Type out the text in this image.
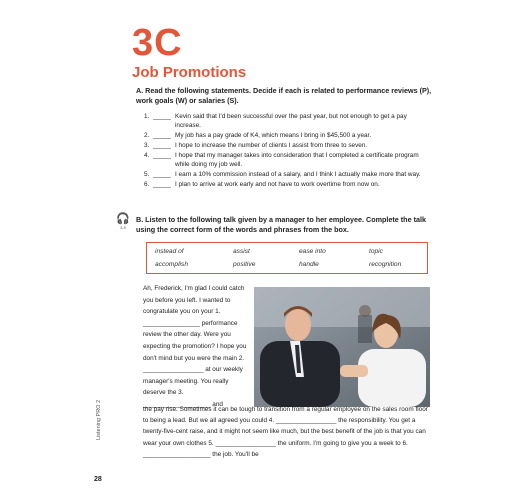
3C
Job Promotions
A. Read the following statements. Decide if each is related to performance reviews (P), work goals (W) or salaries (S).
1. _____ Kevin said that I'd been successful over the past year, but not enough to get a pay increase.
2. _____ My job has a pay grade of K4, which means I bring in $45,500 a year.
3. _____ I hope to increase the number of clients I assist from three to seven.
4. _____ I hope that my manager takes into consideration that I completed a certificate program while doing my job well.
5. _____ I earn a 10% commission instead of a salary, and I think I actually make more that way.
6. _____ I plan to arrive at work early and not have to work overtime from now on.
🎧
3-9
B. Listen to the following talk given by a manager to her employee. Complete the talk using the correct form of the words and phrases from the box.
instead of	assist	ease into	topic
accomplish	positive	handle	recognition
Ah, Frederick, I'm glad I could catch you before you left. I wanted to congratulate you on your 1. ________________ performance review the other day. Were you expecting the promotion? I hope you don't mind but you were the main 2. _________________ at our weekly manager's meeting. You really deserve the 3. ___________________ and
the pay rise. Sometimes it can be tough to transition from a regular employee on the sales room floor to being a lead. But we all agreed you could 4. _________________ the responsibility. You get a twenty-five-cent raise, and it might not seem like much, but the best benefit of the job is that you can wear your own clothes 5. _________________ the uniform. I'm going to give you a week to 6. ___________________ the job. You'll be
Listening PRO 2
28
